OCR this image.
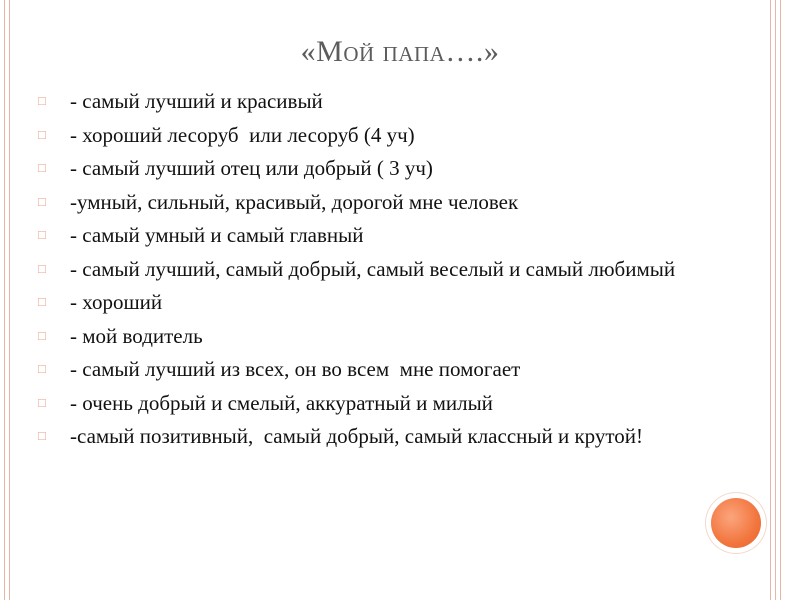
«Мой папа….»
□	- самый лучший и красивый
□	- хороший лесоруб  или лесоруб (4 уч)
□	- самый лучший отец или добрый ( 3 уч)
□	-умный, сильный, красивый, дорогой мне человек
□	- самый умный и самый главный
□	- самый лучший, самый добрый, самый веселый и самый любимый
□	- хороший
□	- мой водитель
□	- самый лучший из всех, он во всем  мне помогает
□	- очень добрый и смелый, аккуратный и милый
□	-самый позитивный,  самый добрый, самый классный и крутой!
